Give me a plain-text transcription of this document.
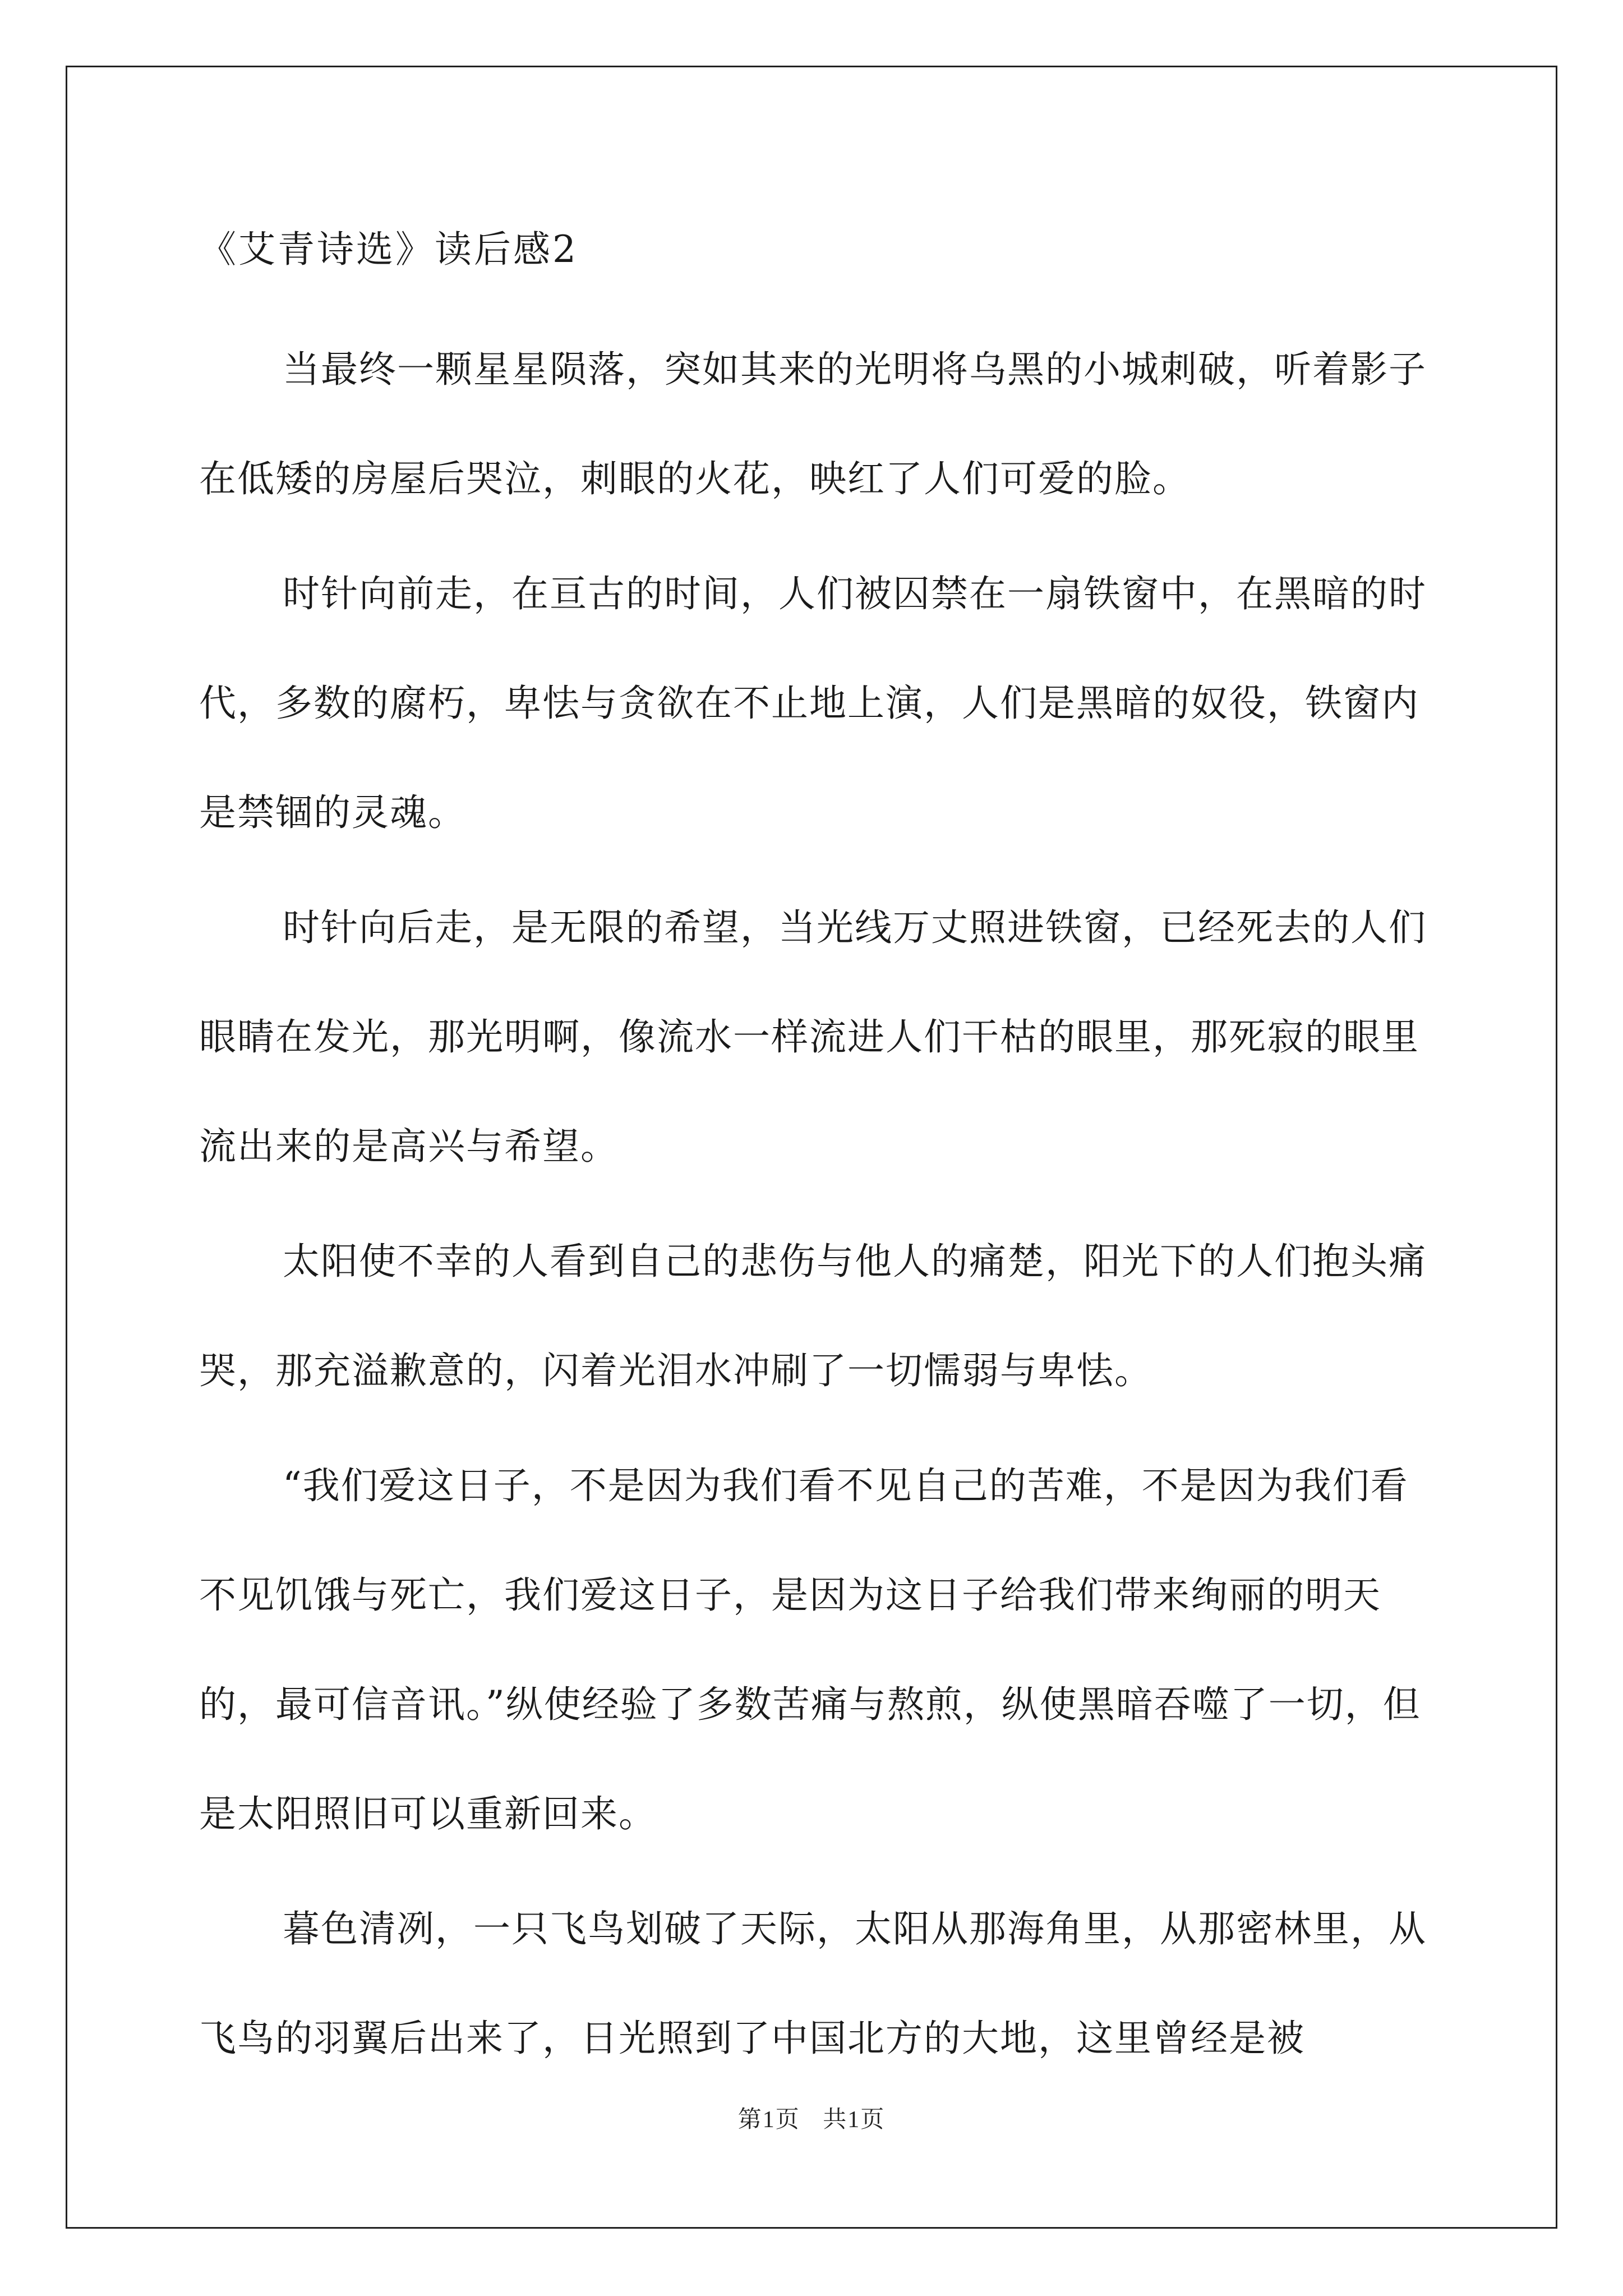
《艾青诗选》读后感2

当最终一颗星星陨落，突如其来的光明将乌黑的小城刺破，听着影子在低矮的房屋后哭泣，刺眼的火花，映红了人们可爱的脸。

时针向前走，在亘古的时间，人们被囚禁在一扇铁窗中，在黑暗的时代，多数的腐朽，卑怯与贪欲在不止地上演，人们是黑暗的奴役，铁窗内是禁锢的灵魂。

时针向后走，是无限的希望，当光线万丈照进铁窗，已经死去的人们眼睛在发光，那光明啊，像流水一样流进人们干枯的眼里，那死寂的眼里流出来的是高兴与希望。

太阳使不幸的人看到自己的悲伤与他人的痛楚，阳光下的人们抱头痛哭，那充溢歉意的，闪着光泪水冲刷了一切懦弱与卑怯。

“我们爱这日子，不是因为我们看不见自己的苦难，不是因为我们看不见饥饿与死亡，我们爱这日子，是因为这日子给我们带来绚丽的明天的，最可信音讯。”纵使经验了多数苦痛与熬煎，纵使黑暗吞噬了一切，但是太阳照旧可以重新回来。

暮色清冽，一只飞鸟划破了天际，太阳从那海角里，从那密林里，从飞鸟的羽翼后出来了，日光照到了中国北方的大地，这里曾经是被

第1页 共1页
